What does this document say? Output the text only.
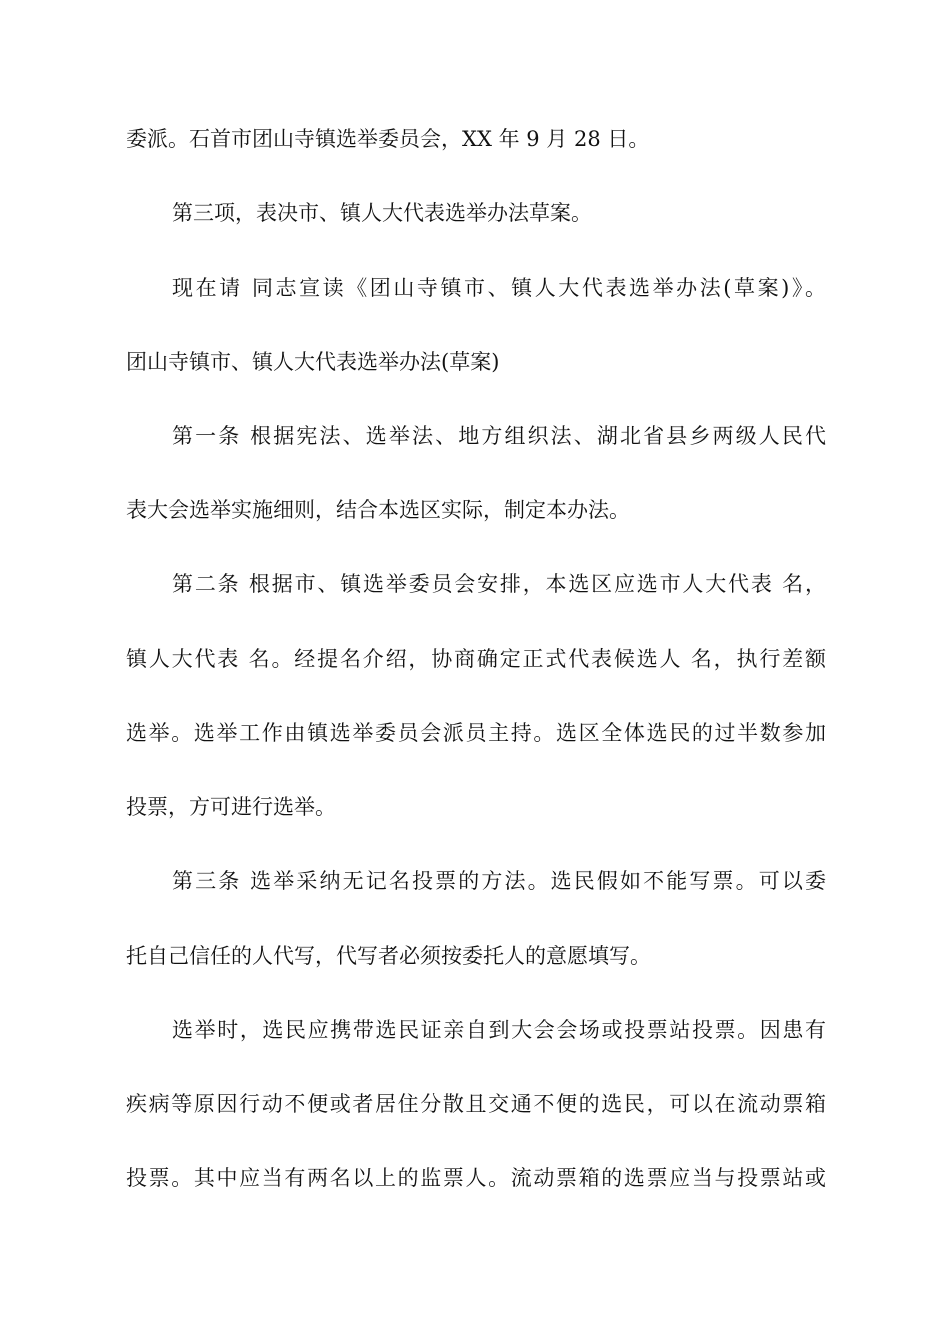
委派。石首市团山寺镇选举委员会，XX 年 9 月 28 日。
第三项，表决市、镇人大代表选举办法草案。
现在请 同志宣读《团山寺镇市、镇人大代表选举办法(草案)》。
团山寺镇市、镇人大代表选举办法(草案)
第一条 根据宪法、选举法、地方组织法、湖北省县乡两级人民代
表大会选举实施细则，结合本选区实际，制定本办法。
第二条 根据市、镇选举委员会安排，本选区应选市人大代表 名，
镇人大代表 名。经提名介绍，协商确定正式代表候选人 名，执行差额
选举。选举工作由镇选举委员会派员主持。选区全体选民的过半数参加
投票，方可进行选举。
第三条 选举采纳无记名投票的方法。选民假如不能写票。可以委
托自己信任的人代写，代写者必须按委托人的意愿填写。
选举时，选民应携带选民证亲自到大会会场或投票站投票。因患有
疾病等原因行动不便或者居住分散且交通不便的选民，可以在流动票箱
投票。其中应当有两名以上的监票人。流动票箱的选票应当与投票站或
